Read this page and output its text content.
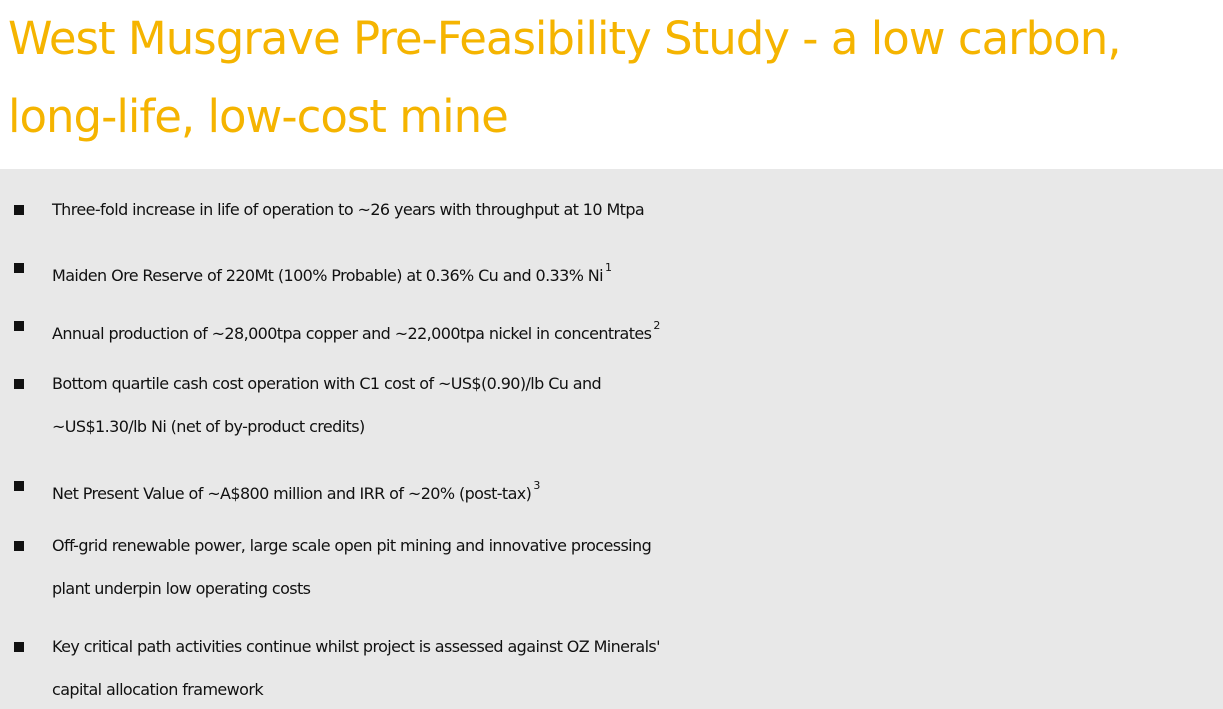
West Musgrave Pre-Feasibility Study - a low carbon,
long-life, low-cost mine
Three-fold increase in life of operation to ~26 years with throughput at 10 Mtpa
Maiden Ore Reserve of 220Mt (100% Probable) at 0.36% Cu and 0.33% Ni $^1$
Annual production of ~28,000tpa copper and ~22,000tpa nickel in concentrates $^2$
Bottom quartile cash cost operation with C1 cost of ~US$(0.90)/lb Cu and
~US$1.30/lb Ni (net of by-product credits)
Net Present Value of ~A$800 million and IRR of ~20% (post-tax) $^3$
Off-grid renewable power, large scale open pit mining and innovative processing
plant underpin low operating costs
Key critical path activities continue whilst project is assessed against OZ Minerals'
capital allocation framework
